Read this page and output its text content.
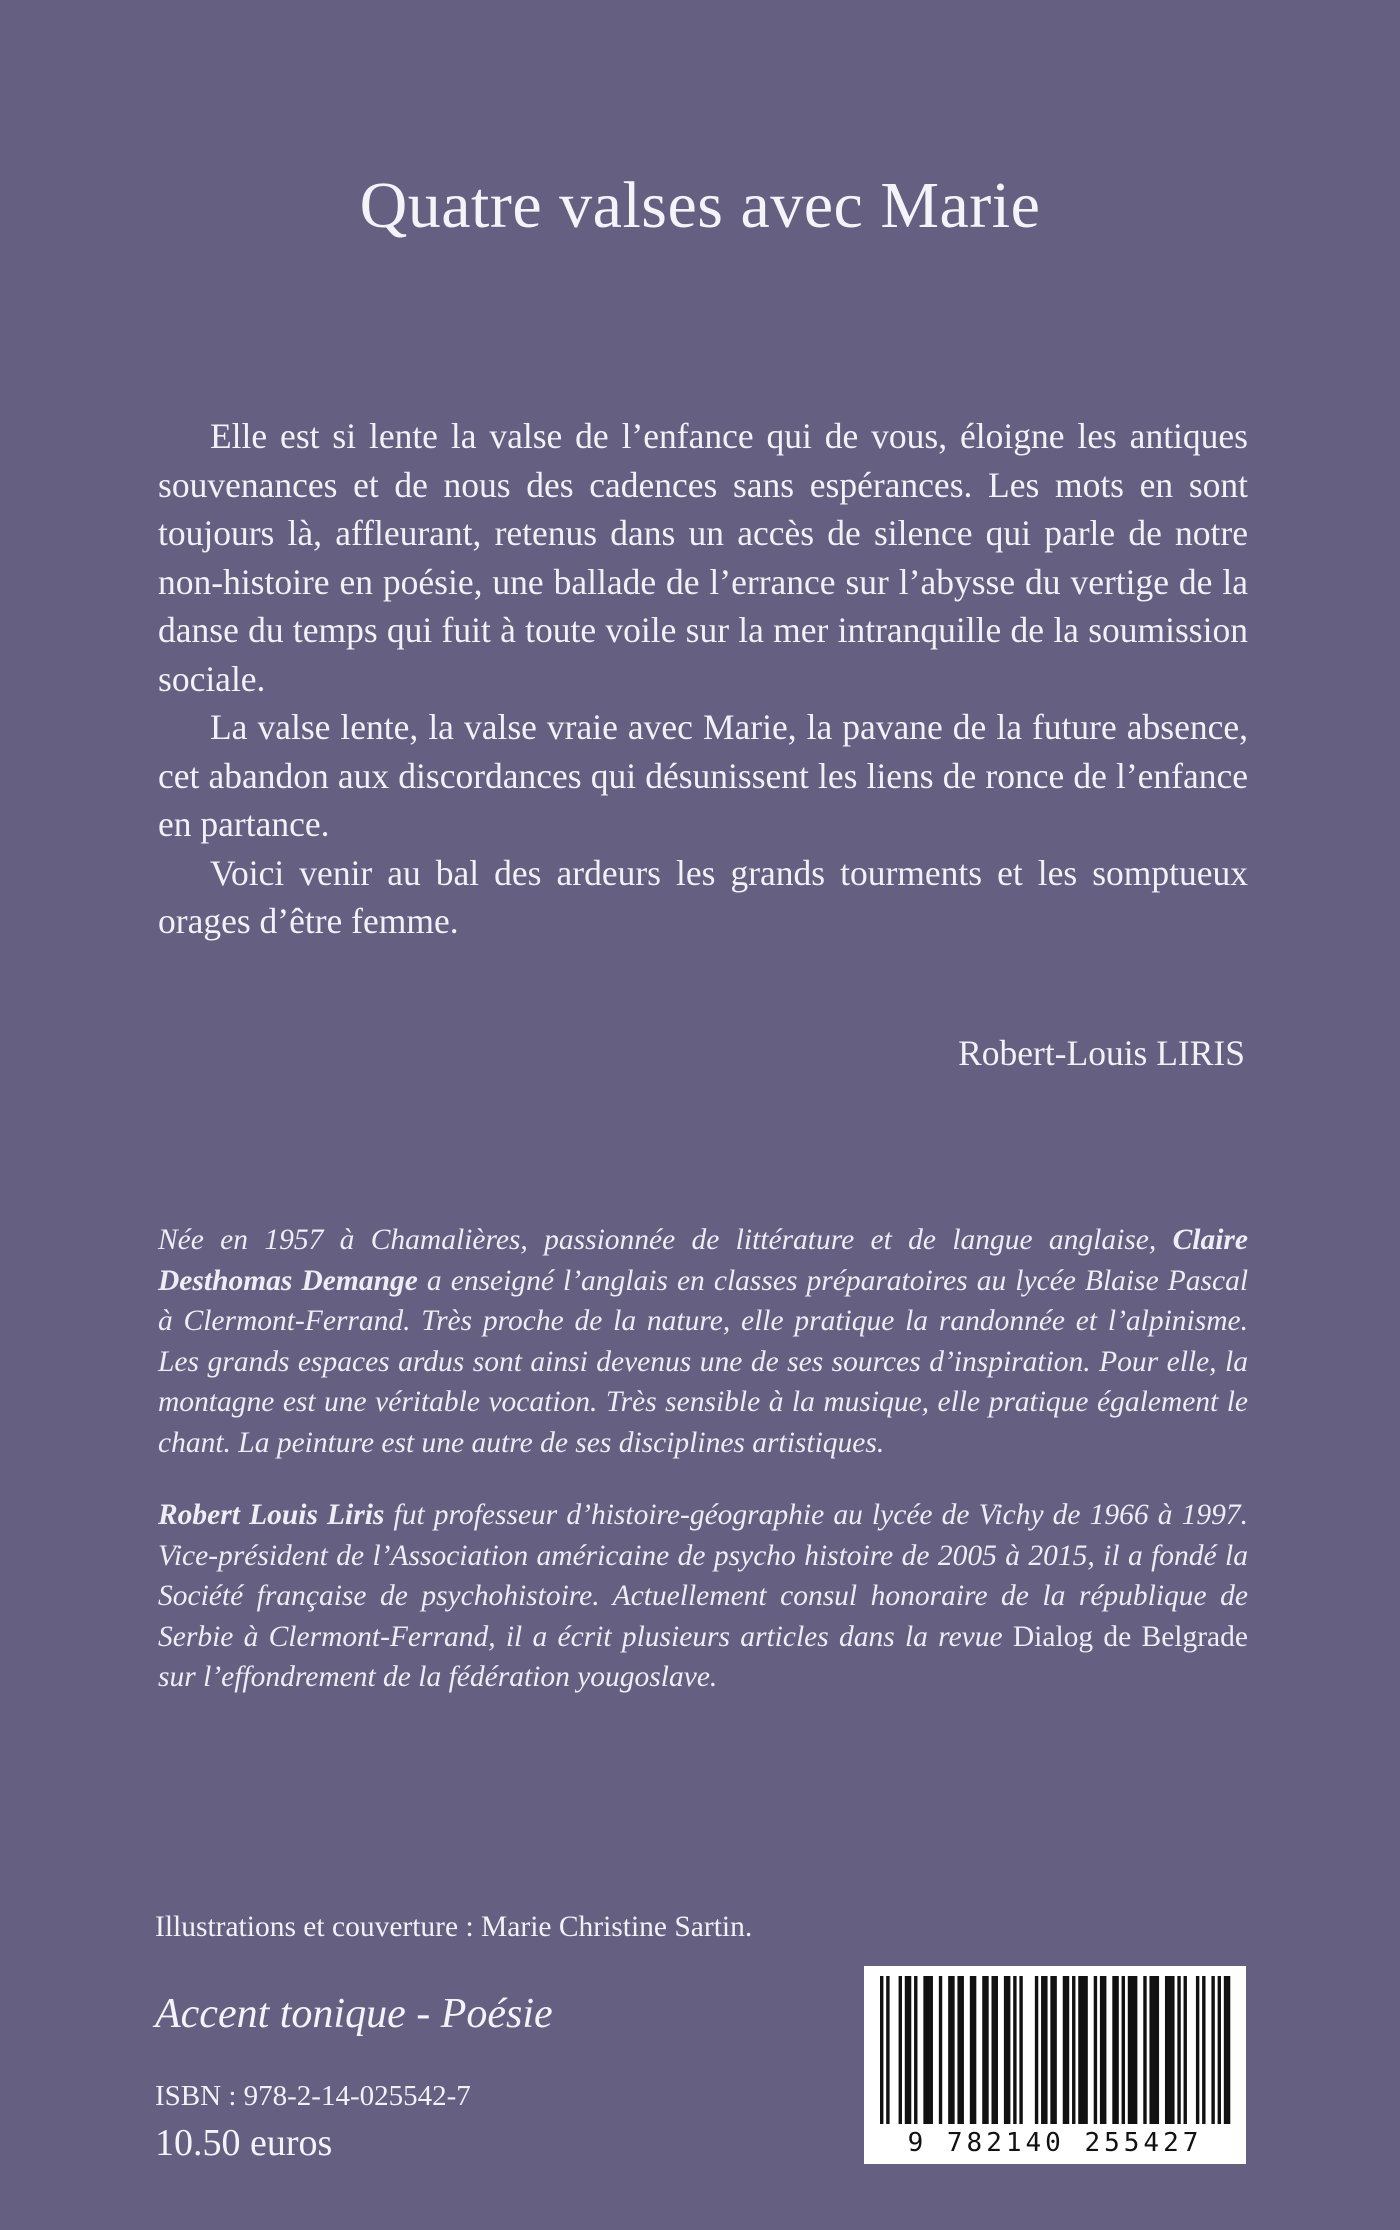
Quatre valses avec Marie

Elle est si lente la valse de l’enfance qui de vous, éloigne les antiques souvenances et de nous des cadences sans espérances. Les mots en sont toujours là, affleurant, retenus dans un accès de silence qui parle de notre non-histoire en poésie, une ballade de l’errance sur l’abysse du vertige de la danse du temps qui fuit à toute voile sur la mer intranquille de la soumission sociale.

La valse lente, la valse vraie avec Marie, la pavane de la future absence, cet abandon aux discordances qui désunissent les liens de ronce de l’enfance en partance.

Voici venir au bal des ardeurs les grands tourments et les somptueux orages d’être femme.

Robert-Louis LIRIS

Née en 1957 à Chamalières, passionnée de littérature et de langue anglaise, Claire Desthomas Demange a enseigné l’anglais en classes préparatoires au lycée Blaise Pascal à Clermont-Ferrand. Très proche de la nature, elle pratique la randonnée et l’alpinisme. Les grands espaces ardus sont ainsi devenus une de ses sources d’inspiration. Pour elle, la montagne est une véritable vocation. Très sensible à la musique, elle pratique également le chant. La peinture est une autre de ses disciplines artistiques.

Robert Louis Liris fut professeur d’histoire-géographie au lycée de Vichy de 1966 à 1997. Vice-président de l’Association américaine de psycho histoire de 2005 à 2015, il a fondé la Société française de psychohistoire. Actuellement consul honoraire de la république de Serbie à Clermont-Ferrand, il a écrit plusieurs articles dans la revue Dialog de Belgrade sur l’effondrement de la fédération yougoslave.

Illustrations et couverture : Marie Christine Sartin.
Accent tonique - Poésie
ISBN : 978-2-14-025542-7
10.50 euros	9 782140 255427
